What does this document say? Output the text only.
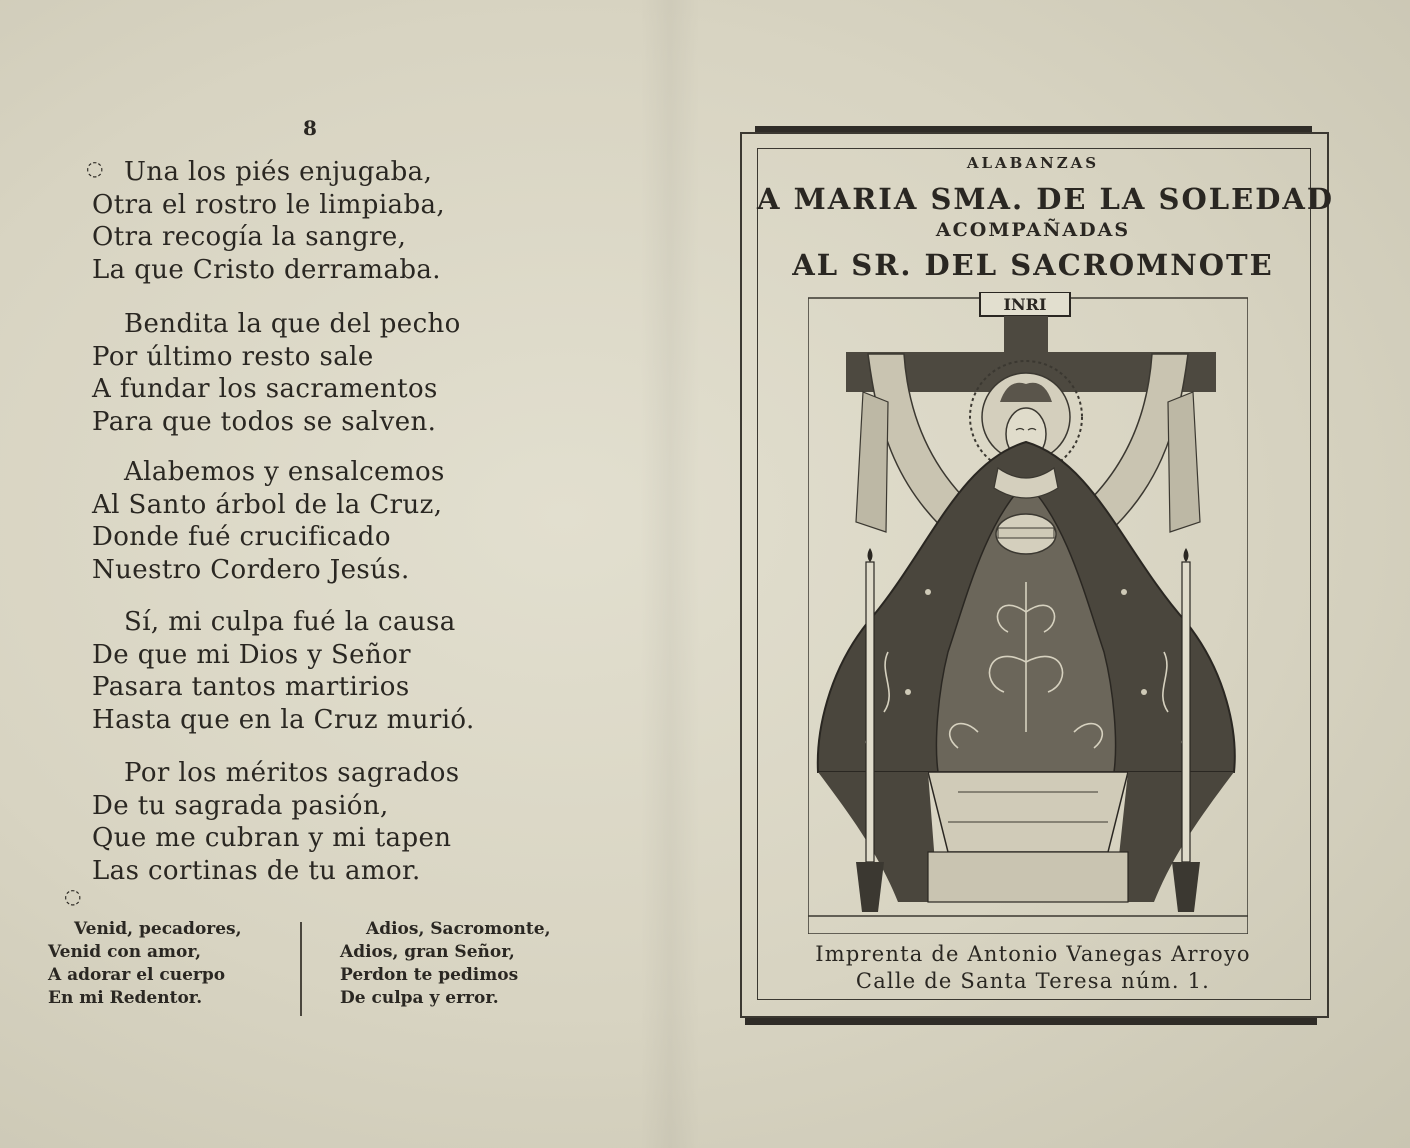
8
◌ Una los piés enjugaba,
Otra el rostro le limpiaba,
Otra recogía la sangre,
La que Cristo derramaba.
Bendita la que del pecho
Por último resto sale
A fundar los sacramentos
Para que todos se salven.
Alabemos y ensalcemos
Al Santo árbol de la Cruz,
Donde fué crucificado
Nuestro Cordero Jesús.
Sí, mi culpa fué la causa
De que mi Dios y Señor
Pasara tantos martirios
Hasta que en la Cruz murió.
Por los méritos sagrados
De tu sagrada pasión,
Que me cubran y mi tapen
Las cortinas de tu amor.
◌
Venid, pecadores,
Venid con amor,
A adorar el cuerpo
En mi Redentor.
Adios, Sacromonte,
Adios, gran Señor,
Perdon te pedimos
De culpa y error.
ALABANZAS
A MARIA SMA. DE LA SOLEDAD
ACOMPAÑADAS
AL SR. DEL SACROMNOTE
INRI
Imprenta de Antonio Vanegas Arroyo
Calle de Santa Teresa núm. 1.
